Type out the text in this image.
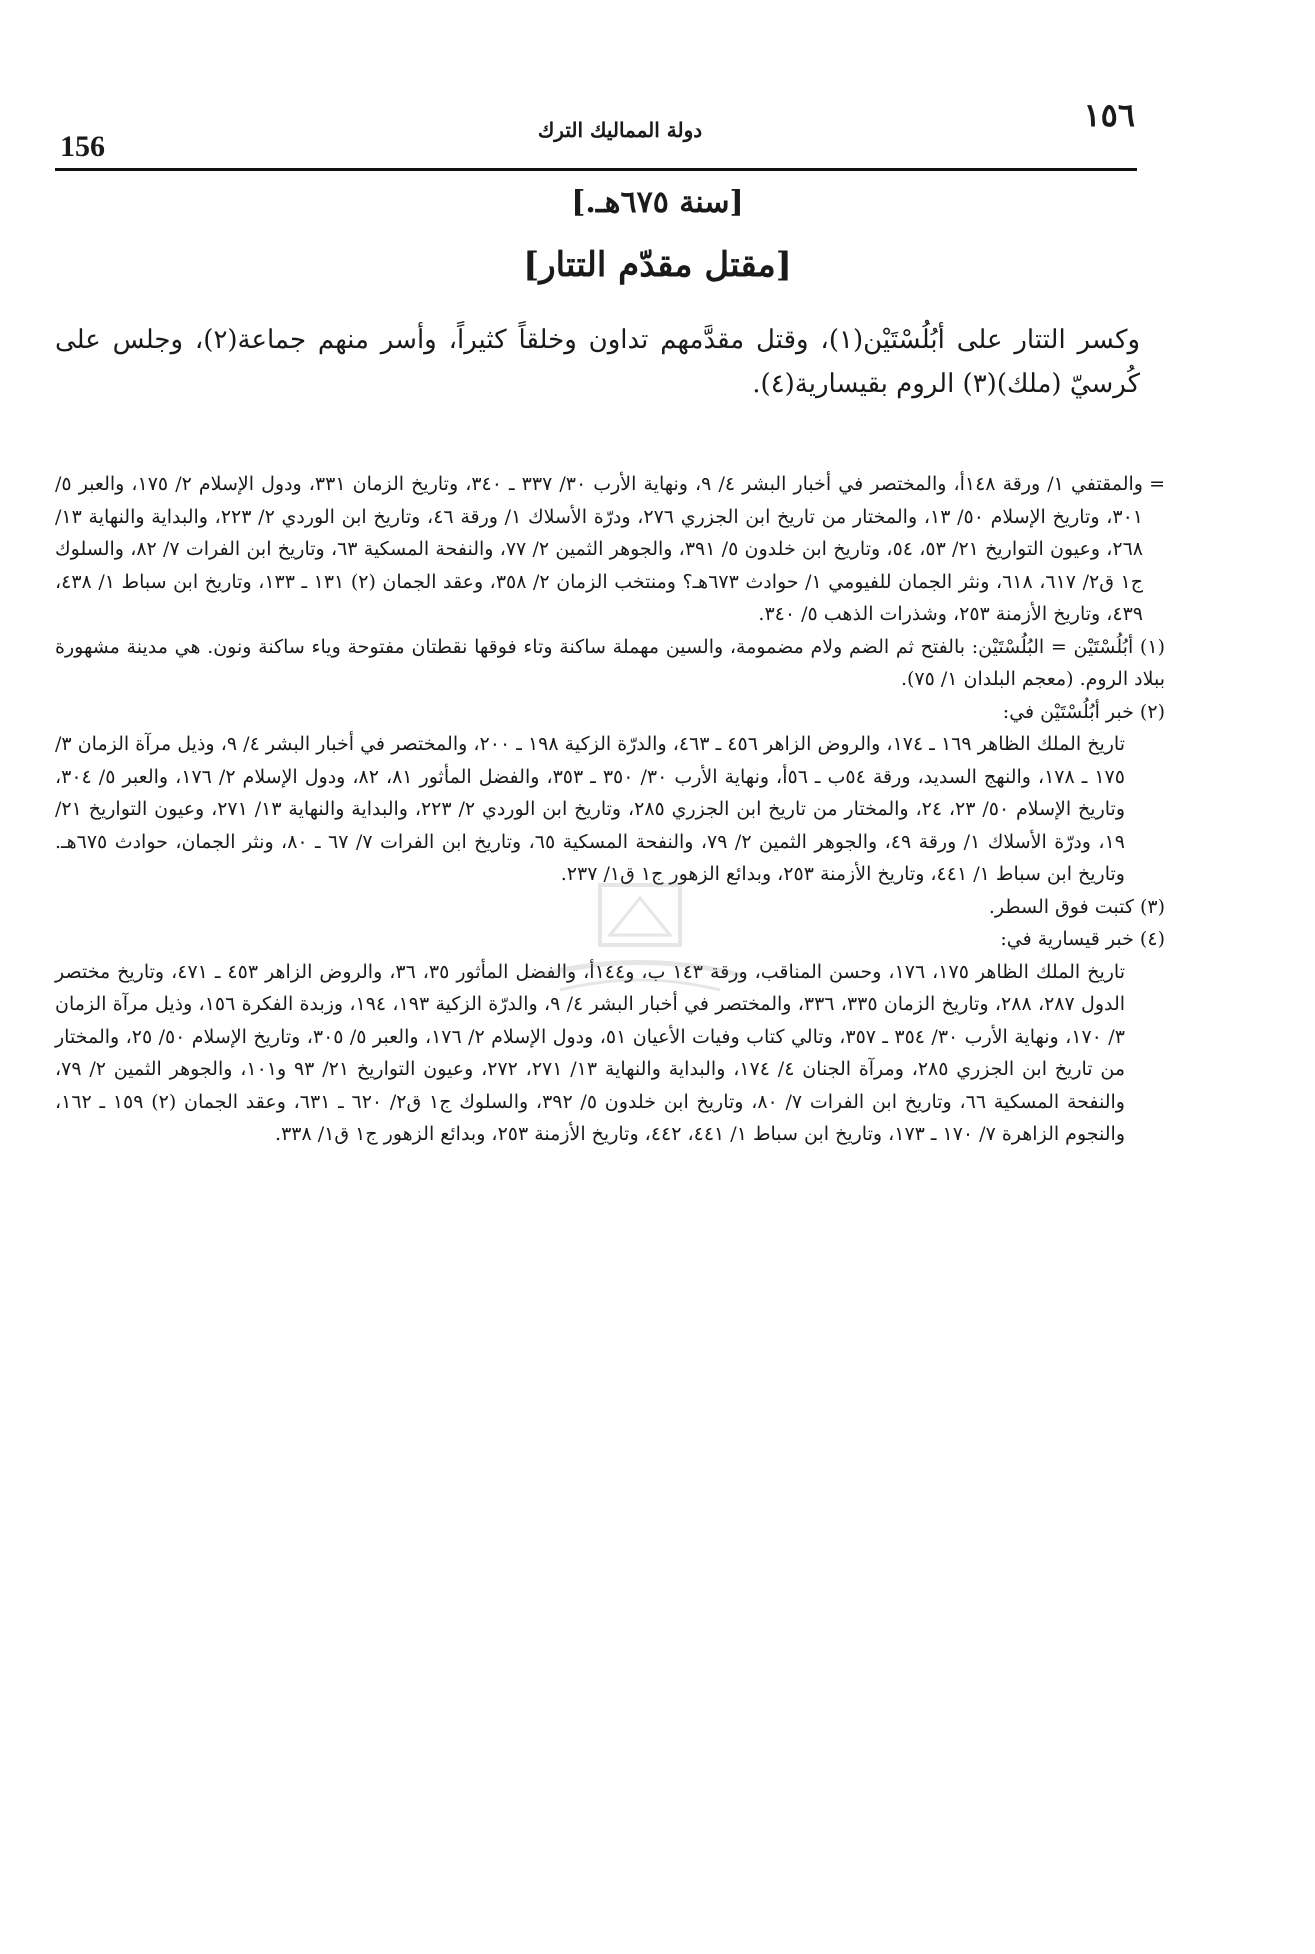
156	دولة المماليك الترك	١٥٦
[سنة ٦٧٥هـ.]
[مقتل مقدّم التتار]

وكسر التتار على أبُلُسْتَيْن(١)، وقتل مقدَّمهم تداون وخلقاً كثيراً، وأسر منهم جماعة(٢)، وجلس على كُرسيّ (ملك)(٣) الروم بقيسارية(٤).

= والمقتفي ١/ ورقة ١٤٨أ، والمختصر في أخبار البشر ٤/ ٩، ونهاية الأرب ٣٠/ ٣٣٧ ـ ٣٤٠، وتاريخ الزمان ٣٣١، ودول الإسلام ٢/ ١٧٥، والعبر ٥/ ٣٠١، وتاريخ الإسلام ٥٠/ ١٣، والمختار من تاريخ ابن الجزري ٢٧٦، ودرّة الأسلاك ١/ ورقة ٤٦، وتاريخ ابن الوردي ٢/ ٢٢٣، والبداية والنهاية ١٣/ ٢٦٨، وعيون التواريخ ٢١/ ٥٣، ٥٤، وتاريخ ابن خلدون ٥/ ٣٩١، والجوهر الثمين ٢/ ٧٧، والنفحة المسكية ٦٣، وتاريخ ابن الفرات ٧/ ٨٢، والسلوك ج١ ق٢/ ٦١٧، ٦١٨، ونثر الجمان للفيومي ١/ حوادث ٦٧٣هـ؟ ومنتخب الزمان ٢/ ٣٥٨، وعقد الجمان (٢) ١٣١ ـ ١٣٣، وتاريخ ابن سباط ١/ ٤٣٨، ٤٣٩، وتاريخ الأزمنة ٢٥٣، وشذرات الذهب ٥/ ٣٤٠.

(١) أبُلُسْتَيْن = البُلُسْتَيْن: بالفتح ثم الضم ولام مضمومة، والسين مهملة ساكنة وتاء فوقها نقطتان مفتوحة وياء ساكنة ونون. هي مدينة مشهورة ببلاد الروم. (معجم البلدان ١/ ٧٥).

(٢) خبر أبُلُسْتَيْن في:

تاريخ الملك الظاهر ١٦٩ ـ ١٧٤، والروض الزاهر ٤٥٦ ـ ٤٦٣، والدرّة الزكية ١٩٨ ـ ٢٠٠، والمختصر في أخبار البشر ٤/ ٩، وذيل مرآة الزمان ٣/ ١٧٥ ـ ١٧٨، والنهج السديد، ورقة ٥٤ب ـ ٥٦أ، ونهاية الأرب ٣٠/ ٣٥٠ ـ ٣٥٣، والفضل المأثور ٨١، ٨٢، ودول الإسلام ٢/ ١٧٦، والعبر ٥/ ٣٠٤، وتاريخ الإسلام ٥٠/ ٢٣، ٢٤، والمختار من تاريخ ابن الجزري ٢٨٥، وتاريخ ابن الوردي ٢/ ٢٢٣، والبداية والنهاية ١٣/ ٢٧١، وعيون التواريخ ٢١/ ١٩، ودرّة الأسلاك ١/ ورقة ٤٩، والجوهر الثمين ٢/ ٧٩، والنفحة المسكية ٦٥، وتاريخ ابن الفرات ٧/ ٦٧ ـ ٨٠، ونثر الجمان، حوادث ٦٧٥هـ. وتاريخ ابن سباط ١/ ٤٤١، وتاريخ الأزمنة ٢٥٣، وبدائع الزهور ج١ ق١/ ٢٣٧.

(٣) كتبت فوق السطر.

(٤) خبر قيسارية في:

تاريخ الملك الظاهر ١٧٥، ١٧٦، وحسن المناقب، ورقة ١٤٣ ب، و١٤٤أ، والفضل المأثور ٣٥، ٣٦، والروض الزاهر ٤٥٣ ـ ٤٧١، وتاريخ مختصر الدول ٢٨٧، ٢٨٨، وتاريخ الزمان ٣٣٥، ٣٣٦، والمختصر في أخبار البشر ٤/ ٩، والدرّة الزكية ١٩٣، ١٩٤، وزبدة الفكرة ١٥٦، وذيل مرآة الزمان ٣/ ١٧٠، ونهاية الأرب ٣٠/ ٣٥٤ ـ ٣٥٧، وتالي كتاب وفيات الأعيان ٥١، ودول الإسلام ٢/ ١٧٦، والعبر ٥/ ٣٠٥، وتاريخ الإسلام ٥٠/ ٢٥، والمختار من تاريخ ابن الجزري ٢٨٥، ومرآة الجنان ٤/ ١٧٤، والبداية والنهاية ١٣/ ٢٧١، ٢٧٢، وعيون التواريخ ٢١/ ٩٣ و١٠١، والجوهر الثمين ٢/ ٧٩، والنفحة المسكية ٦٦، وتاريخ ابن الفرات ٧/ ٨٠، وتاريخ ابن خلدون ٥/ ٣٩٢، والسلوك ج١ ق٢/ ٦٢٠ ـ ٦٣١، وعقد الجمان (٢) ١٥٩ ـ ١٦٢، والنجوم الزاهرة ٧/ ١٧٠ ـ ١٧٣، وتاريخ ابن سباط ١/ ٤٤١، ٤٤٢، وتاريخ الأزمنة ٢٥٣، وبدائع الزهور ج١ ق١/ ٣٣٨.
